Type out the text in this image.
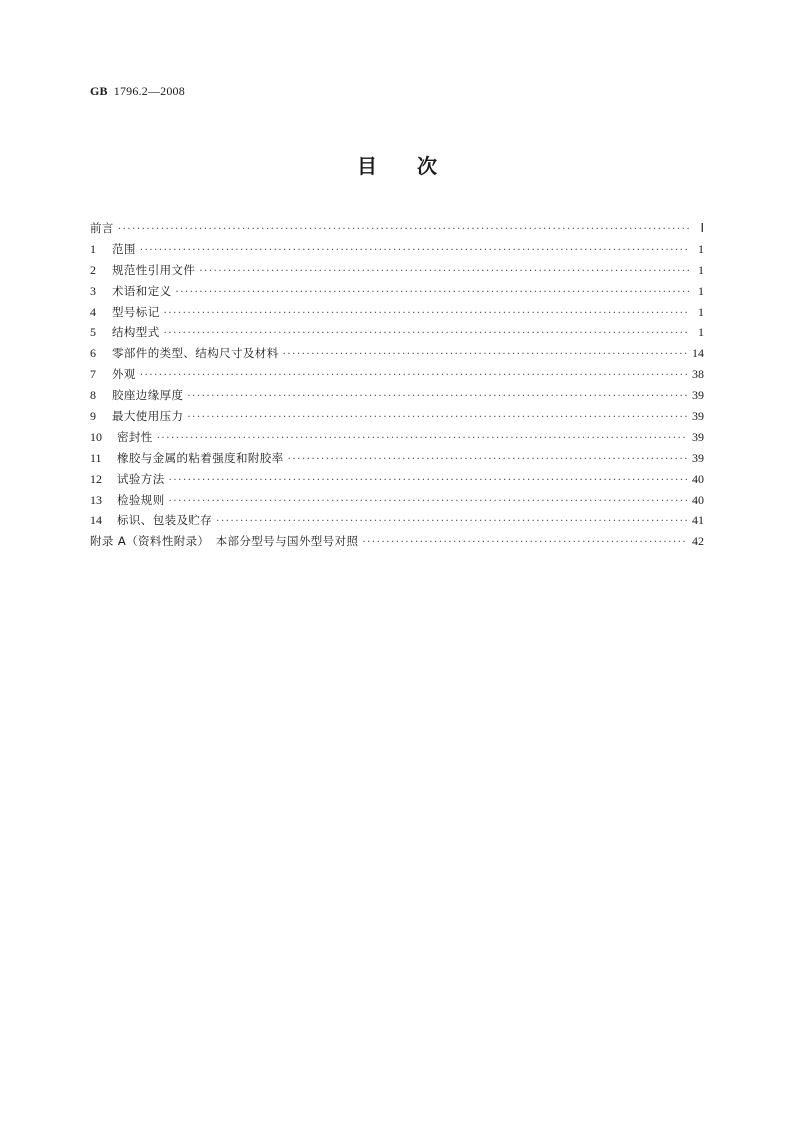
GB 1796.2—2008
目　　次
前言 ·····	Ⅰ
1	范围 ·····	1
2	规范性引用文件 ·····	1
3	术语和定义 ·····	1
4	型号标记 ·····	1
5	结构型式 ·····	1
6	零部件的类型、结构尺寸及材料 ·····	14
7	外观 ·····	38
8	胶座边缘厚度 ·····	39
9	最大使用压力 ·····	39
10	密封性 ·····	39
11	橡胶与金属的粘着强度和附胶率 ·····	39
12	试验方法 ·····	40
13	检验规则 ·····	40
14	标识、包装及贮存 ·····	41
附录 A（资料性附录）　本部分型号与国外型号对照 ·····	42
